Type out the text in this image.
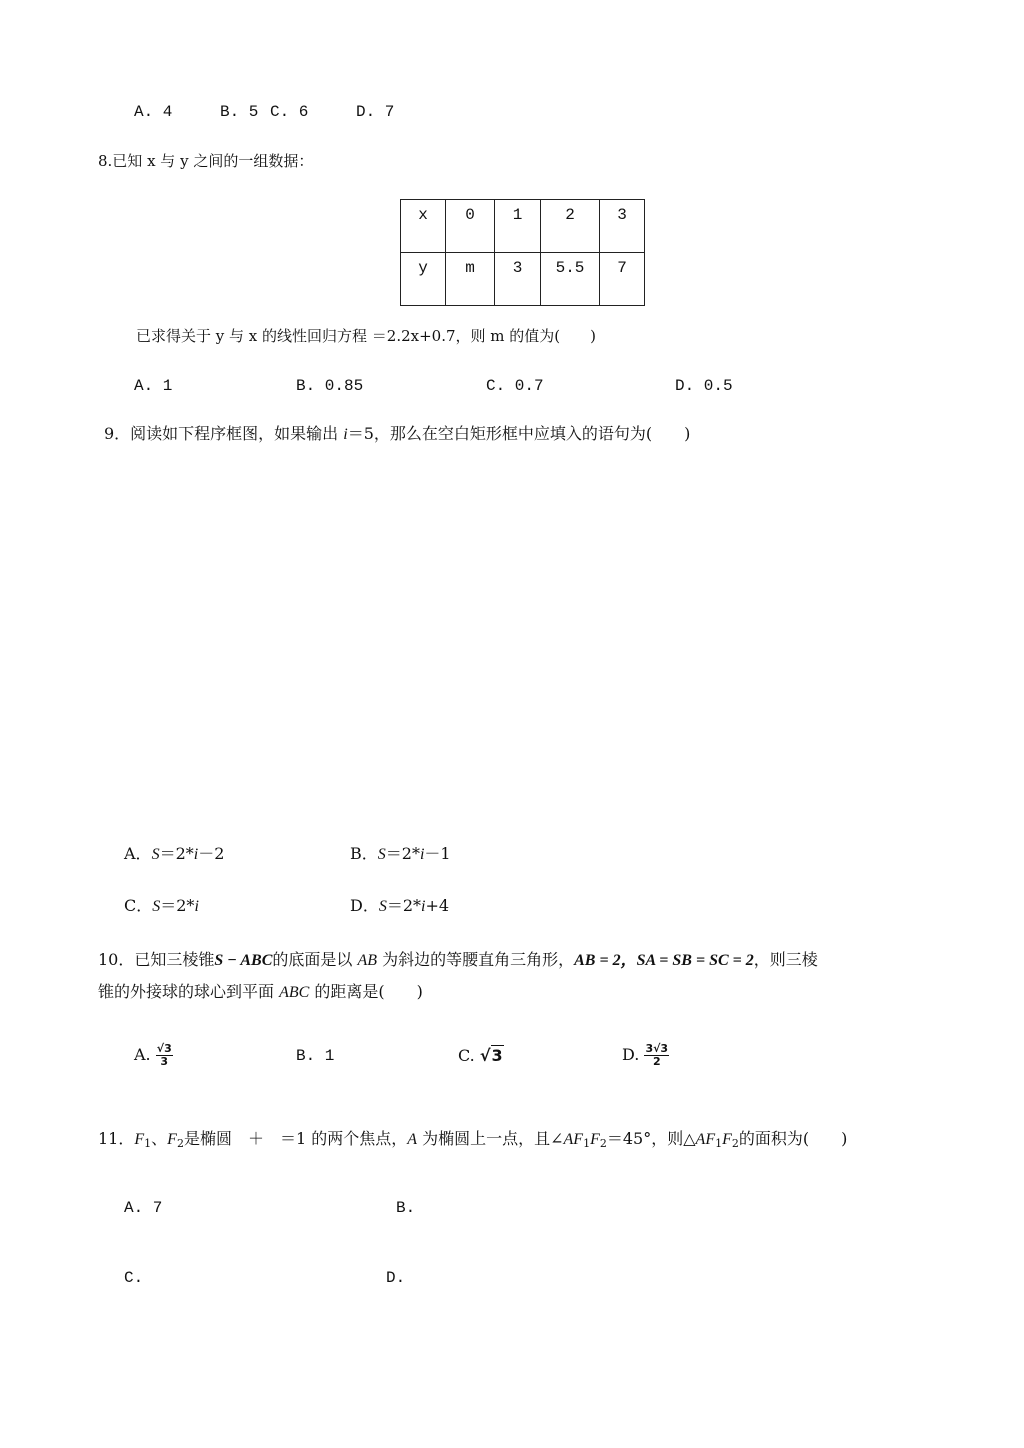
A. 4	B. 5 C. 6	D. 7
8.已知 x 与 y 之间的一组数据：
x	0	1	2	3
y	m	3	5.5	7
已求得关于 y 与 x 的线性回归方程 ＝2.2x+0.7，则 m 的值为(　　)
A. 1	B. 0.85	C. 0.7	D. 0.5
9．阅读如下程序框图，如果输出 i＝5，那么在空白矩形框中应填入的语句为(　　)
A．S＝2*i－2	B．S＝2*i－1
C．S＝2*i	D．S＝2*i+4
10．已知三棱锥S − ABC的底面是以 AB 为斜边的等腰直角三角形，AB = 2，SA = SB = SC = 2，则三棱
锥的外接球的球心到平面 ABC 的距离是(　　)
A. $\frac{√3}{3}$	B. 1	C. √3	D. $\frac{3√3}{2}$
11．$F_1$、$F_2$是椭圆　＋　＝1 的两个焦点，A 为椭圆上一点，且$\angle AF_1F_2=45^\circ$，则$\triangle AF_1F_2$的面积为(　　)
A. 7	B.
C.	D.
